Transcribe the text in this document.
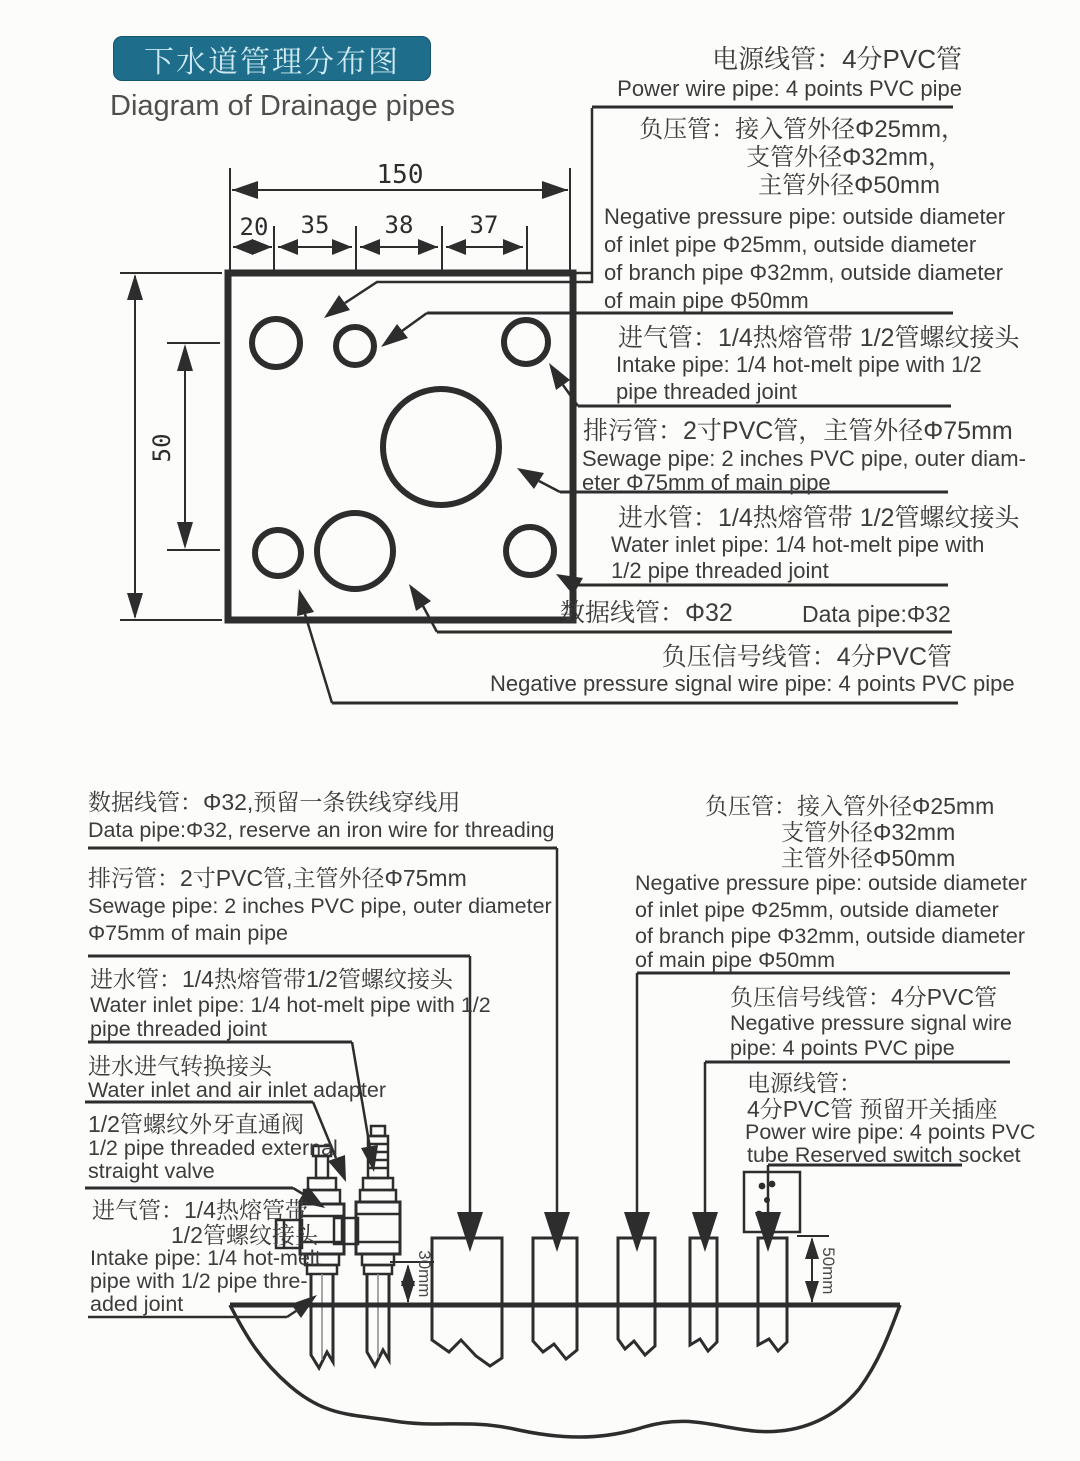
下水道管理分布图
Diagram of Drainage pipes
150
20 35 38 37
50
电源线管：4分PVC管
Power wire pipe: 4 points PVC pipe
负压管：接入管外径Φ25mm，
支管外径Φ32mm，
主管外径Φ50mm
Negative pressure pipe: outside diameter
of inlet pipe Φ25mm, outside diameter
of branch pipe Φ32mm, outside diameter
of main pipe Φ50mm
进气管：1/4热熔管带 1/2管螺纹接头
Intake pipe: 1/4 hot-melt pipe with 1/2
pipe threaded joint
排污管：2寸PVC管，主管外径Φ75mm
Sewage pipe: 2 inches PVC pipe, outer diam-
eter Φ75mm of main pipe
进水管：1/4热熔管带 1/2管螺纹接头
Water inlet pipe: 1/4 hot-melt pipe with
1/2 pipe threaded joint
数据线管：Φ32	Data pipe:Φ32
负压信号线管：4分PVC管
Negative pressure signal wire pipe: 4 points PVC pipe
数据线管：Φ32,预留一条铁线穿线用
Data pipe:Φ32, reserve an iron wire for threading
排污管：2寸PVC管,主管外径Φ75mm
Sewage pipe: 2 inches PVC pipe, outer diameter
Φ75mm of main pipe
进水管：1/4热熔管带1/2管螺纹接头
Water inlet pipe: 1/4 hot-melt pipe with 1/2
pipe threaded joint
进水进气转换接头
Water inlet and air inlet adapter
1/2管螺纹外牙直通阀
1/2 pipe threaded external
straight valve
进气管：1/4热熔管带
1/2管螺纹接头
Intake pipe: 1/4 hot-melt
pipe with 1/2 pipe thre-
aded joint
负压管：接入管外径Φ25mm
支管外径Φ32mm
主管外径Φ50mm
Negative pressure pipe: outside diameter
of inlet pipe Φ25mm, outside diameter
of branch pipe Φ32mm, outside diameter
of main pipe Φ50mm
负压信号线管：4分PVC管
Negative pressure signal wire
pipe: 4 points PVC pipe
电源线管：
4分PVC管 预留开关插座
Power wire pipe: 4 points PVC
tube Reserved switch socket
30mm	50mm
